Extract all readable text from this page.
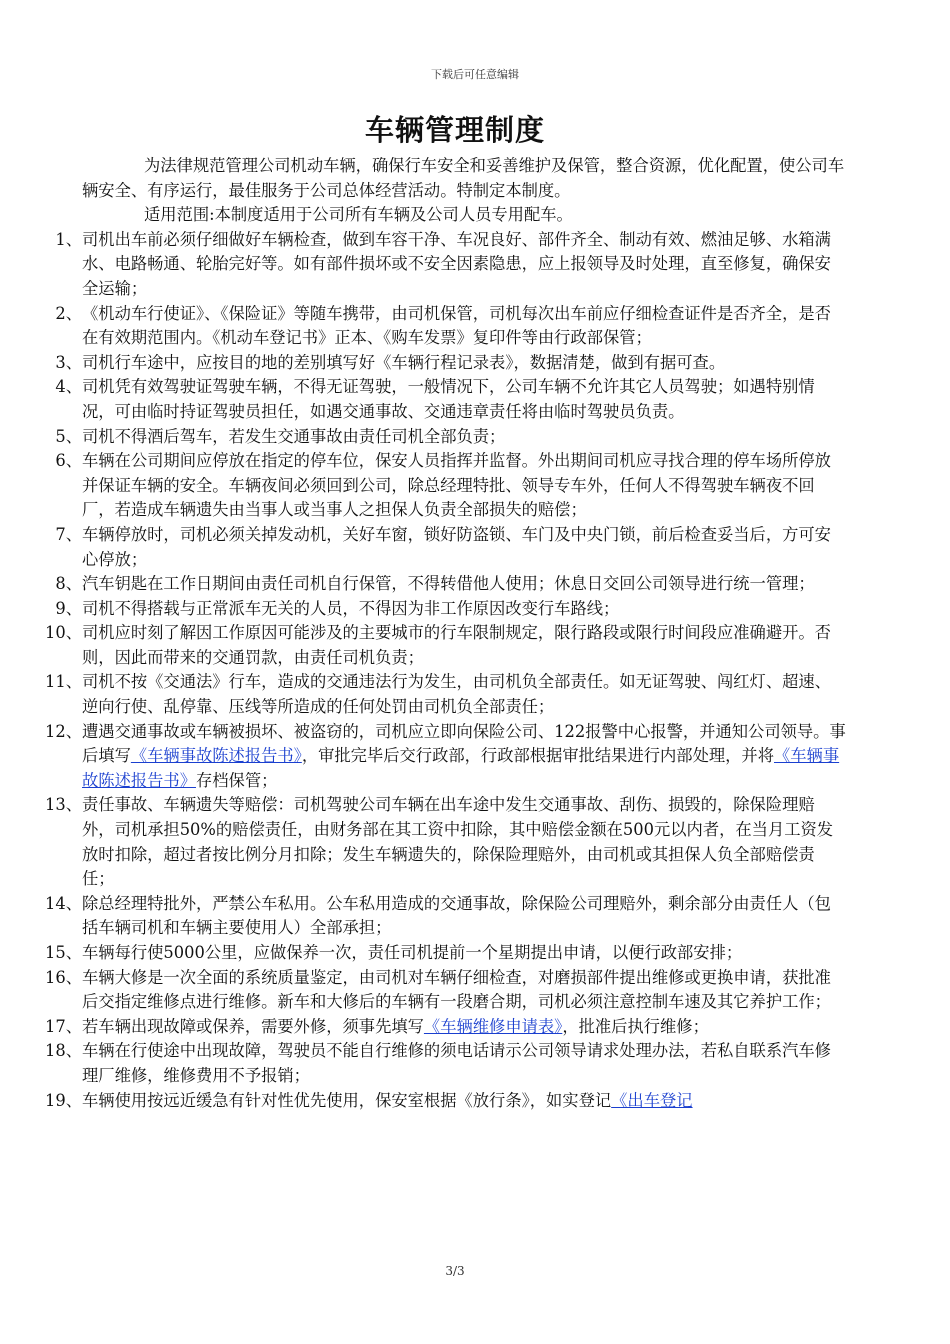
下载后可任意编辑
车辆管理制度
为法律规范管理公司机动车辆，确保行车安全和妥善维护及保管，整合资源，优化配置，使公司车辆安全、有序运行，最佳服务于公司总体经营活动。特制定本制度。
适用范围:本制度适用于公司所有车辆及公司人员专用配车。
1、 司机出车前必须仔细做好车辆检查，做到车容干净、车况良好、部件齐全、制动有效、燃油足够、水箱满水、电路畅通、轮胎完好等。如有部件损坏或不安全因素隐患，应上报领导及时处理，直至修复，确保安全运输；
2、 《机动车行使证》、《保险证》等随车携带，由司机保管，司机每次出车前应仔细检查证件是否齐全，是否在有效期范围内。《机动车登记书》正本、《购车发票》复印件等由行政部保管；
3、 司机行车途中，应按目的地的差别填写好《车辆行程记录表》，数据清楚，做到有据可查。
4、 司机凭有效驾驶证驾驶车辆，不得无证驾驶，一般情况下，公司车辆不允许其它人员驾驶；如遇特别情况，可由临时持证驾驶员担任，如遇交通事故、交通违章责任将由临时驾驶员负责。
5、 司机不得酒后驾车，若发生交通事故由责任司机全部负责；
6、 车辆在公司期间应停放在指定的停车位，保安人员指挥并监督。外出期间司机应寻找合理的停车场所停放并保证车辆的安全。车辆夜间必须回到公司，除总经理特批、领导专车外，任何人不得驾驶车辆夜不回厂，若造成车辆遗失由当事人或当事人之担保人负责全部损失的赔偿；
7、 车辆停放时，司机必须关掉发动机，关好车窗，锁好防盗锁、车门及中央门锁，前后检查妥当后，方可安心停放；
8、 汽车钥匙在工作日期间由责任司机自行保管，不得转借他人使用；休息日交回公司领导进行统一管理；
9、 司机不得搭载与正常派车无关的人员，不得因为非工作原因改变行车路线；
10、 司机应时刻了解因工作原因可能涉及的主要城市的行车限制规定，限行路段或限行时间段应准确避开。否则，因此而带来的交通罚款，由责任司机负责；
11、 司机不按《交通法》行车，造成的交通违法行为发生，由司机负全部责任。如无证驾驶、闯红灯、超速、逆向行使、乱停靠、压线等所造成的任何处罚由司机负全部责任；
12、 遭遇交通事故或车辆被损坏、被盗窃的，司机应立即向保险公司、122报警中心报警，并通知公司领导。事后填写《车辆事故陈述报告书》，审批完毕后交行政部，行政部根据审批结果进行内部处理，并将《车辆事故陈述报告书》存档保管；
13、 责任事故、车辆遗失等赔偿：司机驾驶公司车辆在出车途中发生交通事故、刮伤、损毁的，除保险理赔外，司机承担50%的赔偿责任，由财务部在其工资中扣除，其中赔偿金额在500元以内者，在当月工资发放时扣除，超过者按比例分月扣除；发生车辆遗失的，除保险理赔外，由司机或其担保人负全部赔偿责任；
14、 除总经理特批外，严禁公车私用。公车私用造成的交通事故，除保险公司理赔外，剩余部分由责任人（包括车辆司机和车辆主要使用人）全部承担；
15、 车辆每行使5000公里，应做保养一次，责任司机提前一个星期提出申请，以便行政部安排；
16、 车辆大修是一次全面的系统质量鉴定，由司机对车辆仔细检查，对磨损部件提出维修或更换申请，获批准后交指定维修点进行维修。新车和大修后的车辆有一段磨合期，司机必须注意控制车速及其它养护工作；
17、 若车辆出现故障或保养，需要外修，须事先填写《车辆维修申请表》，批准后执行维修；
18、 车辆在行使途中出现故障，驾驶员不能自行维修的须电话请示公司领导请求处理办法，若私自联系汽车修理厂维修，维修费用不予报销；
19、 车辆使用按远近缓急有针对性优先使用，保安室根据《放行条》，如实登记《出车登记
3/3
